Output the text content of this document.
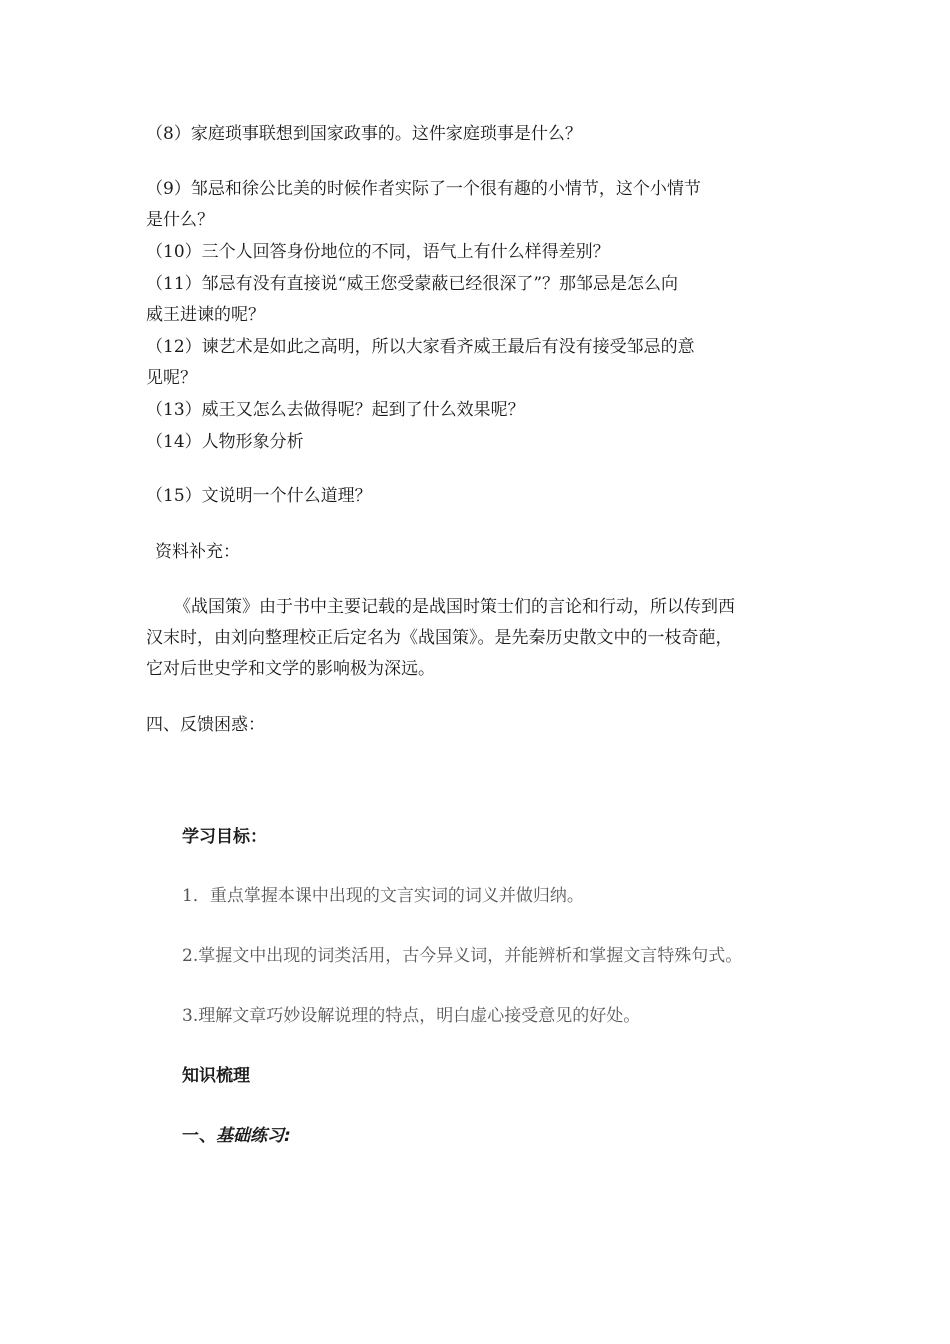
（8）家庭琐事联想到国家政事的。这件家庭琐事是什么？
（9）邹忌和徐公比美的时候作者实际了一个很有趣的小情节，这个小情节
是什么？
（10）三个人回答身份地位的不同，语气上有什么样得差别？
（11）邹忌有没有直接说“威王您受蒙蔽已经很深了”？那邹忌是怎么向
威王进谏的呢？
（12）谏艺术是如此之高明，所以大家看齐威王最后有没有接受邹忌的意
见呢？
（13）威王又怎么去做得呢？起到了什么效果呢？
（14）人物形象分析
（15）文说明一个什么道理？
资料补充：
《战国策》由于书中主要记载的是战国时策士们的言论和行动，所以传到西
汉末时，由刘向整理校正后定名为《战国策》。是先秦历史散文中的一枝奇葩，
它对后世史学和文学的影响极为深远。
四、反馈困惑：
学习目标：
1．重点掌握本课中出现的文言实词的词义并做归纳。
2.掌握文中出现的词类活用，古今异义词，并能辨析和掌握文言特殊句式。
3.理解文章巧妙设解说理的特点，明白虚心接受意见的好处。
知识梳理
一、基础练习:
